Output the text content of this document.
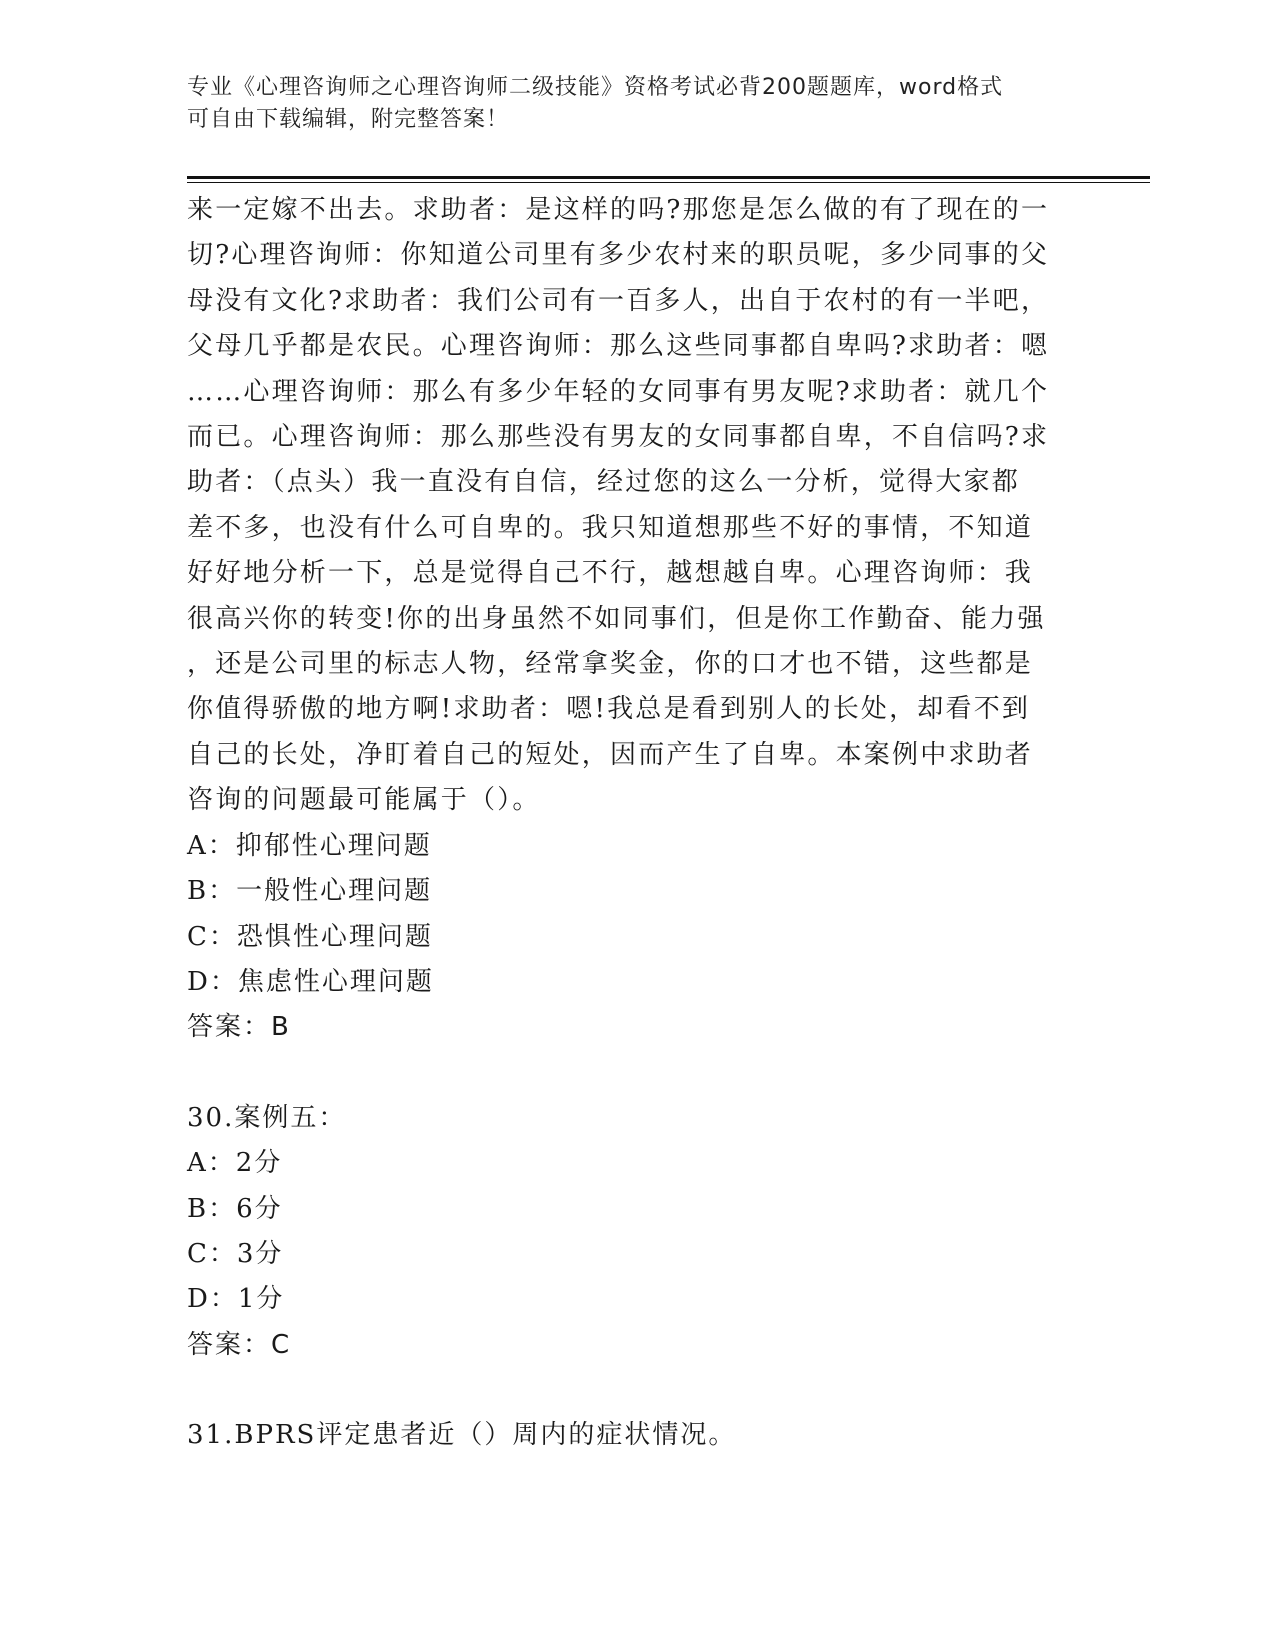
专业《心理咨询师之心理咨询师二级技能》资格考试必背200题题库，word格式
可自由下载编辑，附完整答案！

来一定嫁不出去。求助者：是这样的吗?那您是怎么做的有了现在的一

切?心理咨询师：你知道公司里有多少农村来的职员呢，多少同事的父

母没有文化?求助者：我们公司有一百多人，出自于农村的有一半吧，

父母几乎都是农民。心理咨询师：那么这些同事都自卑吗?求助者：嗯

……心理咨询师：那么有多少年轻的女同事有男友呢?求助者：就几个

而已。心理咨询师：那么那些没有男友的女同事都自卑，不自信吗?求

助者：（点头）我一直没有自信，经过您的这么一分析，觉得大家都

差不多，也没有什么可自卑的。我只知道想那些不好的事情，不知道

好好地分析一下，总是觉得自己不行，越想越自卑。心理咨询师：我

很高兴你的转变!你的出身虽然不如同事们，但是你工作勤奋、能力强

，还是公司里的标志人物，经常拿奖金，你的口才也不错，这些都是

你值得骄傲的地方啊!求助者：嗯!我总是看到别人的长处，却看不到

自己的长处，净盯着自己的短处，因而产生了自卑。本案例中求助者

咨询的问题最可能属于（）。

A：抑郁性心理问题

B：一般性心理问题

C：恐惧性心理问题

D：焦虑性心理问题

答案：B

30.案例五：

A：2分

B：6分

C：3分

D：1分

答案：C

31.BPRS评定患者近（）周内的症状情况。
